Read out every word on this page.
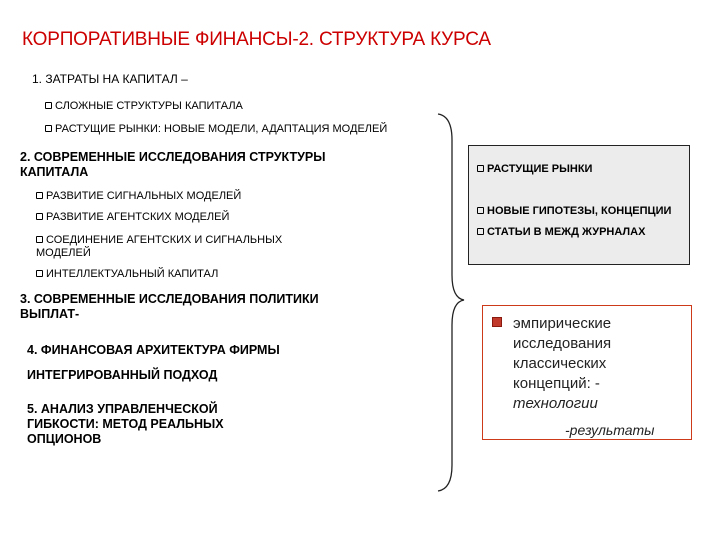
КОРПОРАТИВНЫЕ ФИНАНСЫ-2. СТРУКТУРА КУРСА
1. ЗАТРАТЫ НА КАПИТАЛ –
СЛОЖНЫЕ СТРУКТУРЫ КАПИТАЛА
РАСТУЩИЕ РЫНКИ: НОВЫЕ МОДЕЛИ, АДАПТАЦИЯ МОДЕЛЕЙ
2. СОВРЕМЕННЫЕ ИССЛЕДОВАНИЯ СТРУКТУРЫ
КАПИТАЛА
РАЗВИТИЕ СИГНАЛЬНЫХ МОДЕЛЕЙ
РАЗВИТИЕ АГЕНТСКИХ МОДЕЛЕЙ
СОЕДИНЕНИЕ АГЕНТСКИХ И СИГНАЛЬНЫХ МОДЕЛЕЙ
ИНТЕЛЛЕКТУАЛЬНЫЙ КАПИТАЛ
3. СОВРЕМЕННЫЕ ИССЛЕДОВАНИЯ ПОЛИТИКИ
ВЫПЛАТ-
4. ФИНАНСОВАЯ АРХИТЕКТУРА ФИРМЫ
ИНТЕГРИРОВАННЫЙ ПОДХОД
5. АНАЛИЗ УПРАВЛЕНЧЕСКОЙ
ГИБКОСТИ: МЕТОД РЕАЛЬНЫХ
ОПЦИОНОВ
РАСТУЩИЕ РЫНКИ
НОВЫЕ ГИПОТЕЗЫ, КОНЦЕПЦИИ
СТАТЬИ В МЕЖД ЖУРНАЛАХ
эмпирические
исследования
классических
концепций: -
технологии
-результаты
